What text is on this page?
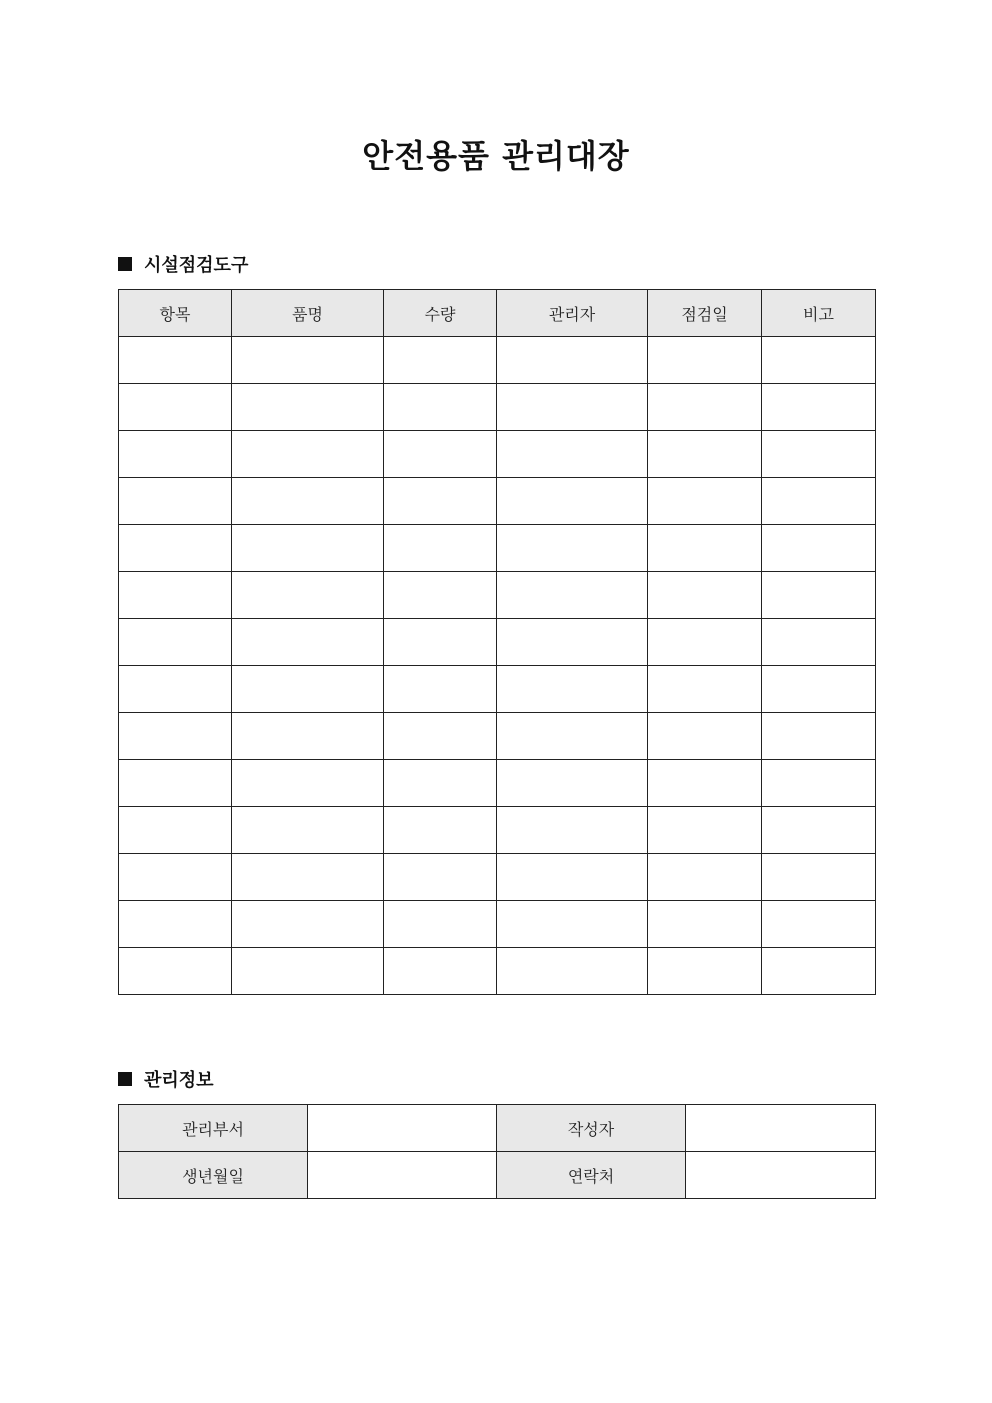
안전용품 관리대장
시설점검도구
항목	품명	수량	관리자	점검일	비고

관리정보
관리부서		작성자	
생년월일		연락처	
